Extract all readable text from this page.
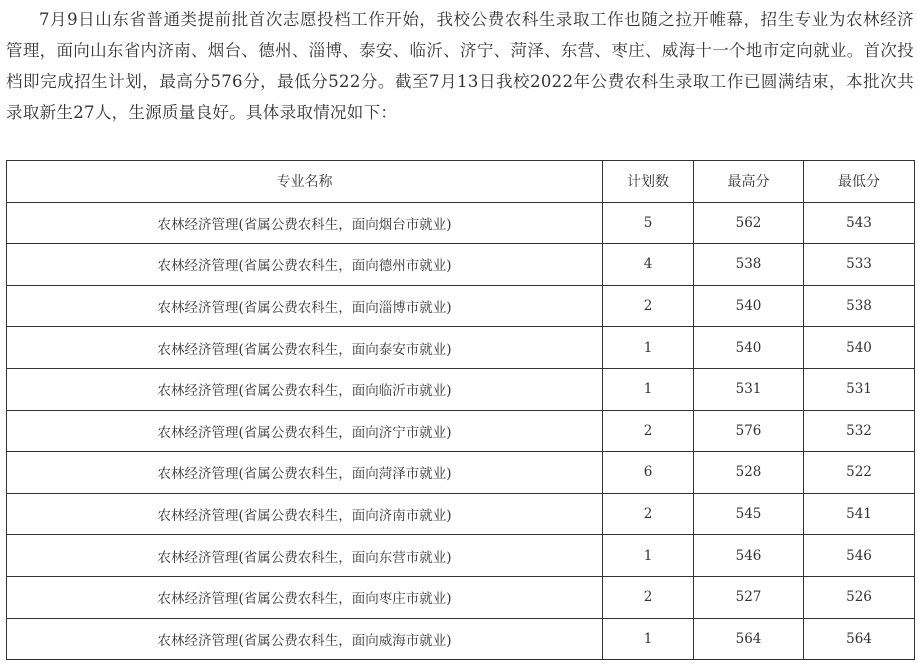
7月9日山东省普通类提前批首次志愿投档工作开始，我校公费农科生录取工作也随之拉开帷幕，招生专业为农林经济管理，面向山东省内济南、烟台、德州、淄博、泰安、临沂、济宁、菏泽、东营、枣庄、威海十一个地市定向就业。首次投档即完成招生计划，最高分576分，最低分522分。截至7月13日我校2022年公费农科生录取工作已圆满结束，本批次共录取新生27人，生源质量良好。具体录取情况如下：

专业名称	计划数	最高分	最低分
农林经济管理(省属公费农科生，面向烟台市就业)	5	562	543
农林经济管理(省属公费农科生，面向德州市就业)	4	538	533
农林经济管理(省属公费农科生，面向淄博市就业)	2	540	538
农林经济管理(省属公费农科生，面向泰安市就业)	1	540	540
农林经济管理(省属公费农科生，面向临沂市就业)	1	531	531
农林经济管理(省属公费农科生，面向济宁市就业)	2	576	532
农林经济管理(省属公费农科生，面向菏泽市就业)	6	528	522
农林经济管理(省属公费农科生，面向济南市就业)	2	545	541
农林经济管理(省属公费农科生，面向东营市就业)	1	546	546
农林经济管理(省属公费农科生，面向枣庄市就业)	2	527	526
农林经济管理(省属公费农科生，面向威海市就业)	1	564	564
